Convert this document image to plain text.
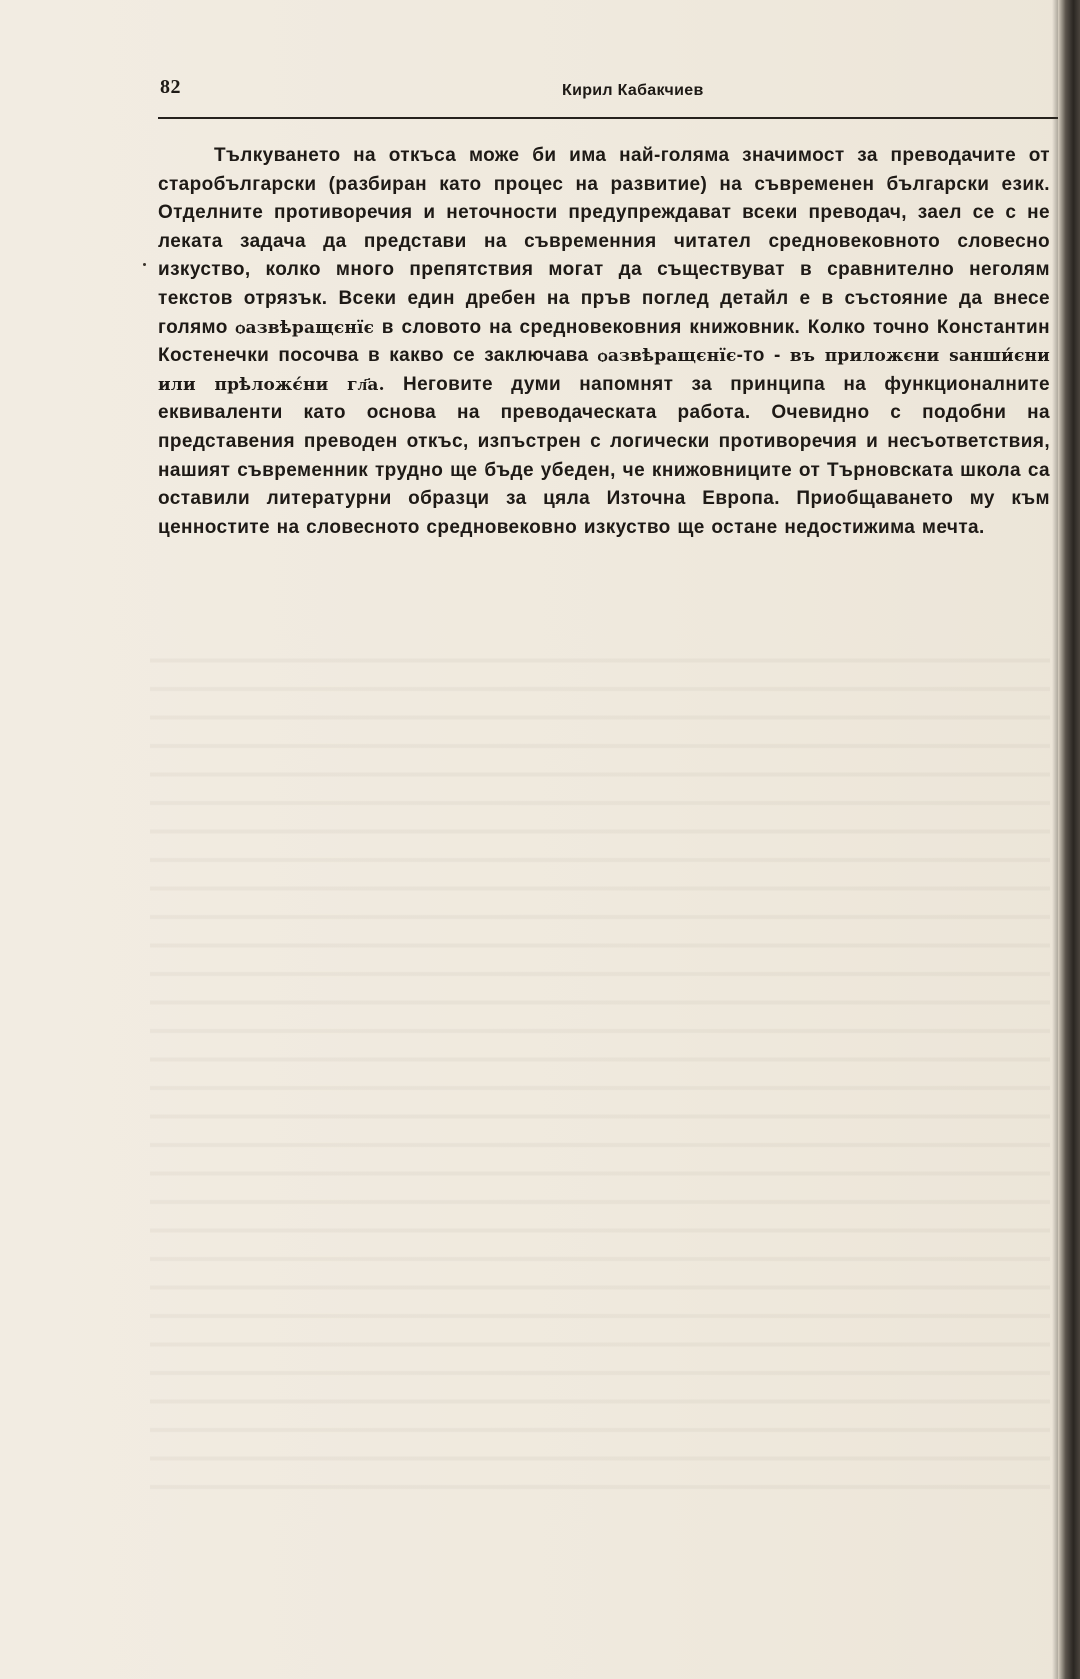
82	Кирил Кабакчиев

Тълкуването на откъса може би има най-голяма значимост за преводачите от старобългарски (разбиран като процес на развитие) на съвременен български език. Отделните противоречия и неточности предупреждават всеки преводач, заел се с не леката задача да представи на съвременния читател средновековното словесно изкуство, колко много препятствия могат да съществуват в сравнително неголям текстов отрязък. Всеки един дребен на пръв поглед детайл е в състояние да внесе голямо ѻазвѣращєнїє в словото на средновековния книжовник. Колко точно Константин Костенечки посочва в какво се заключава ѻазвѣращєнїє-то - въ приложєни ѕанши́єни или прѣложє́ни гл҃а. Неговите думи напомнят за принципа на функционалните еквиваленти като основа на преводаческата работа. Очевидно с подобни на представения преводен откъс, изпъстрен с логически противоречия и несъответствия, нашият съвременник трудно ще бъде убеден, че книжовниците от Търновската школа са оставили литературни образци за цяла Източна Европа. Приобщаването му към ценностите на словесното средновековно изкуство ще остане недостижима мечта.
